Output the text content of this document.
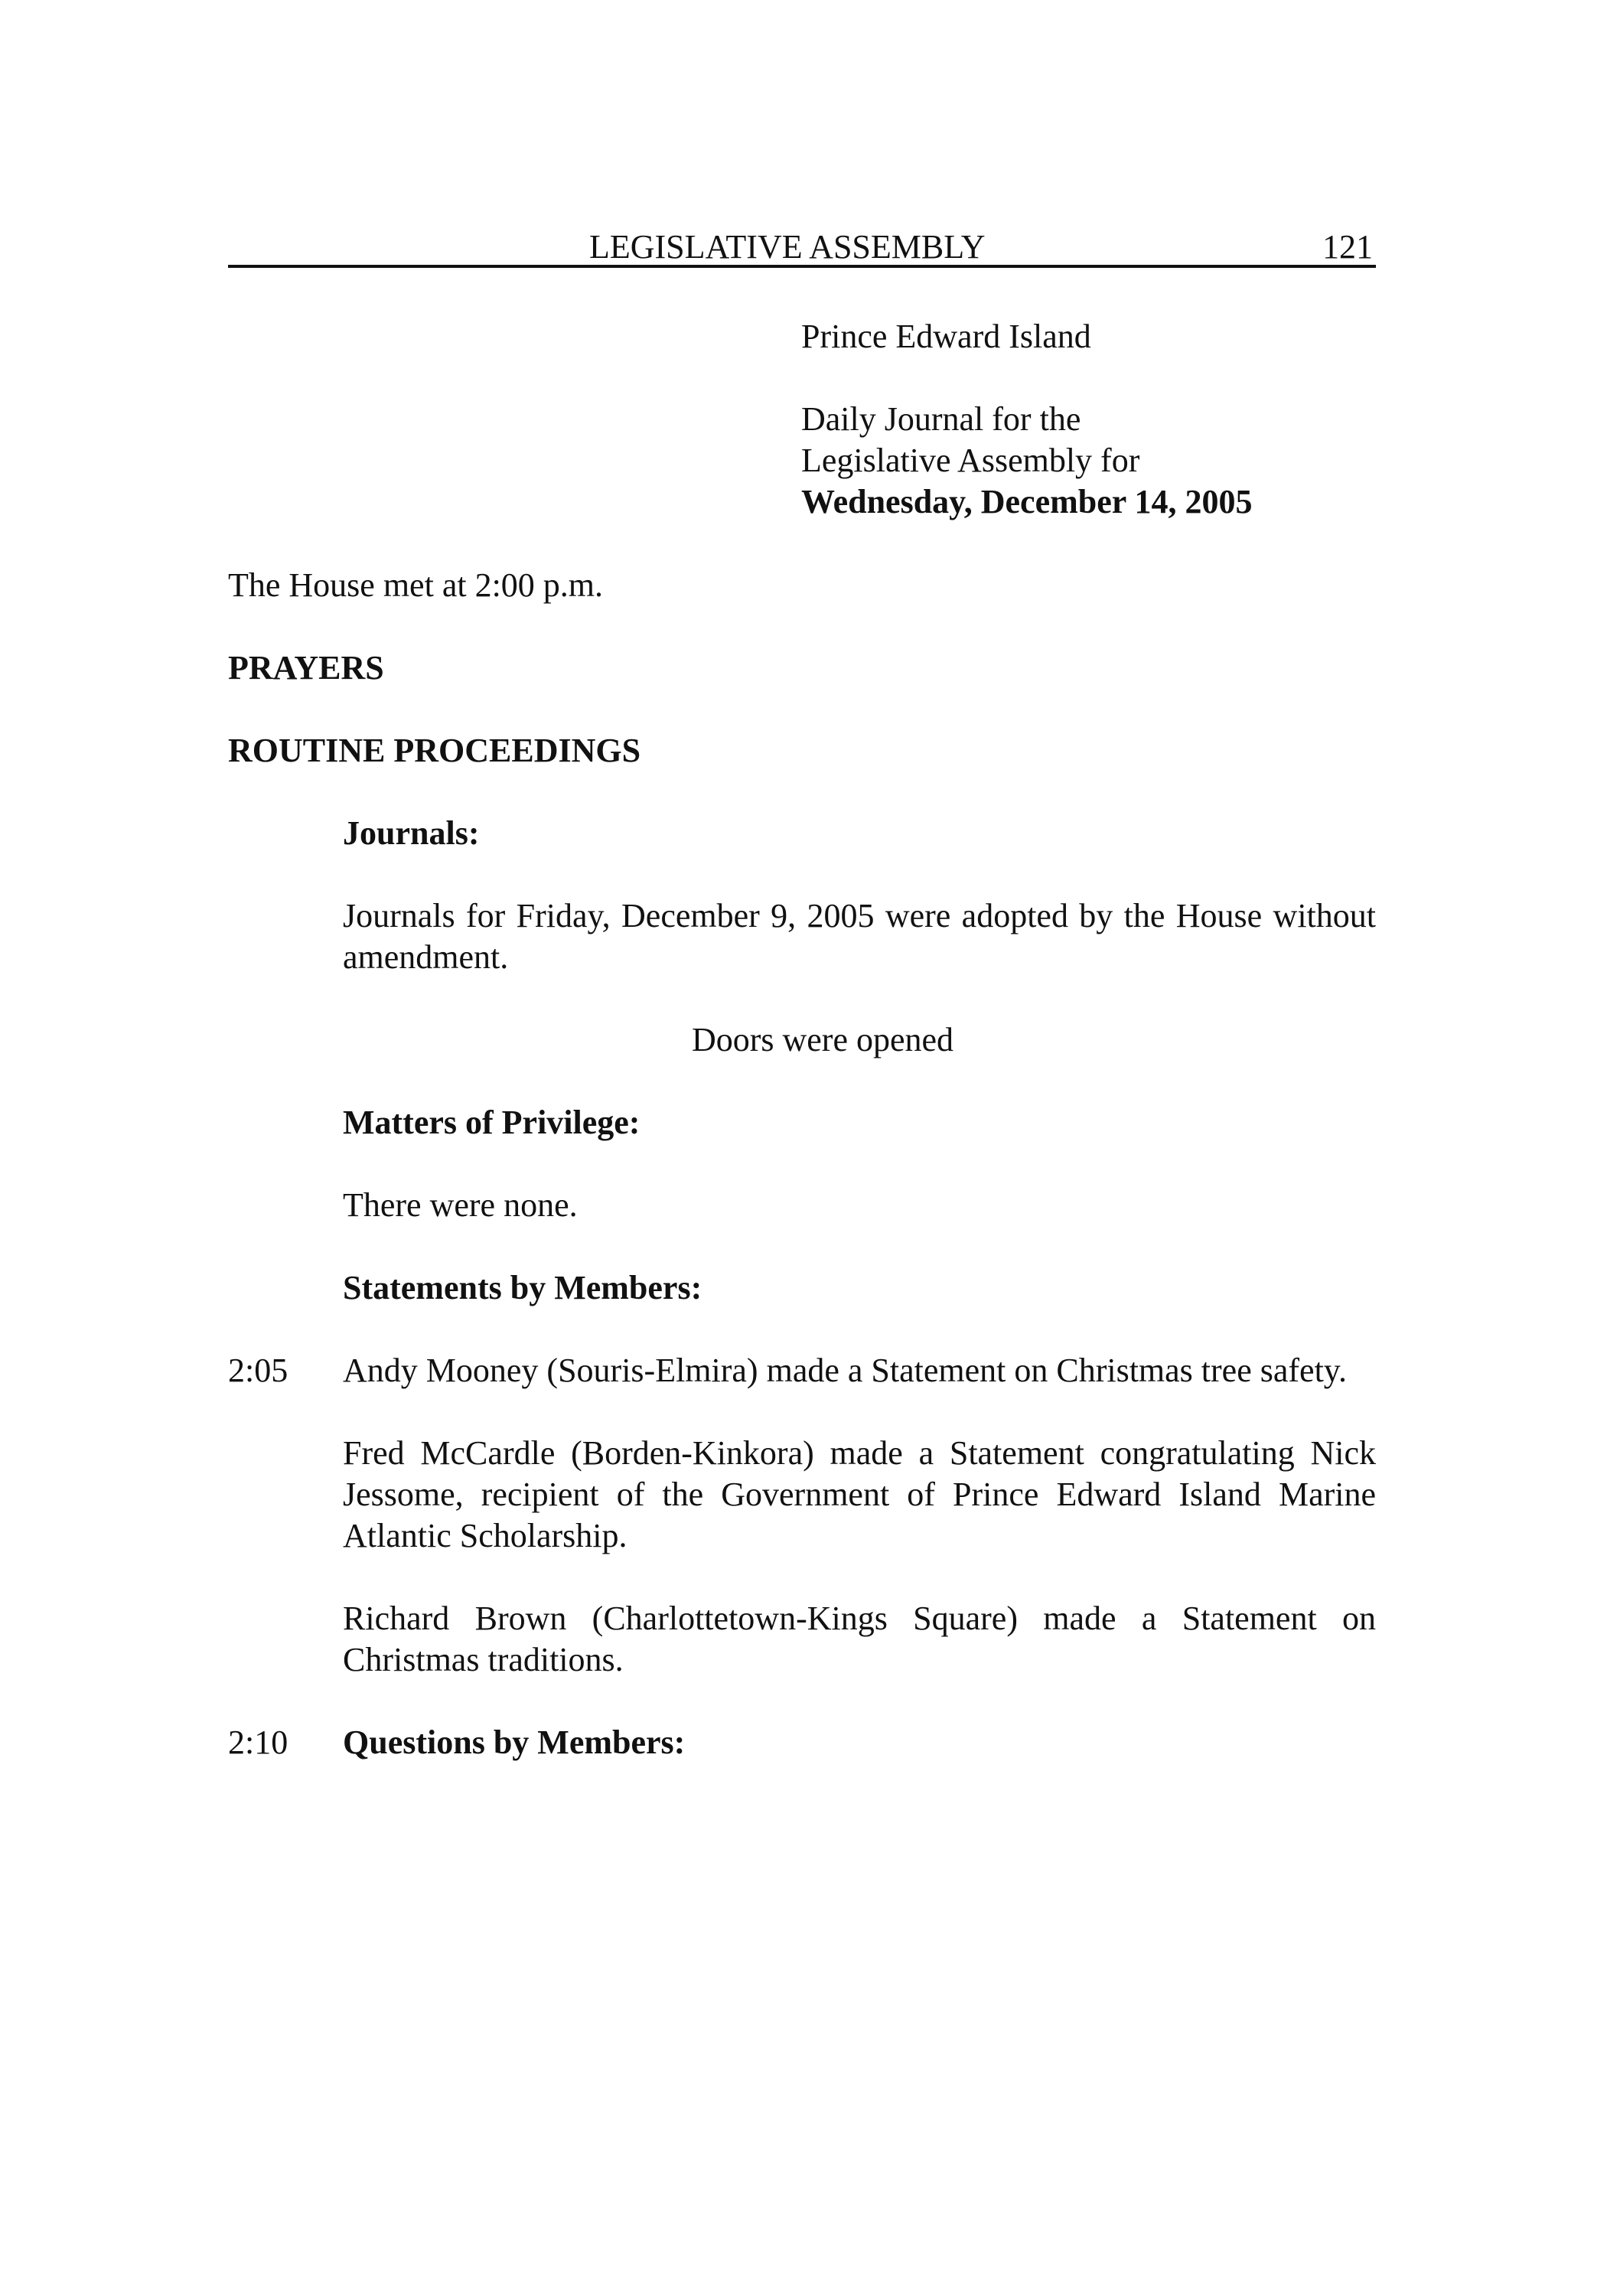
LEGISLATIVE ASSEMBLY	121
Prince Edward Island
Daily Journal for the
Legislative Assembly for
Wednesday, December 14, 2005
The House met at 2:00 p.m.
PRAYERS
ROUTINE PROCEEDINGS
Journals:
Journals for Friday, December 9, 2005 were adopted by the House without amendment.
Doors were opened
Matters of Privilege:
There were none.
Statements by Members:
2:05 Andy Mooney (Souris-Elmira) made a Statement on Christmas tree safety.
Fred McCardle (Borden-Kinkora) made a Statement congratulating Nick Jessome, recipient of the Government of Prince Edward Island Marine Atlantic Scholarship.
Richard Brown (Charlottetown-Kings Square) made a Statement on Christmas traditions.
2:10 Questions by Members:
